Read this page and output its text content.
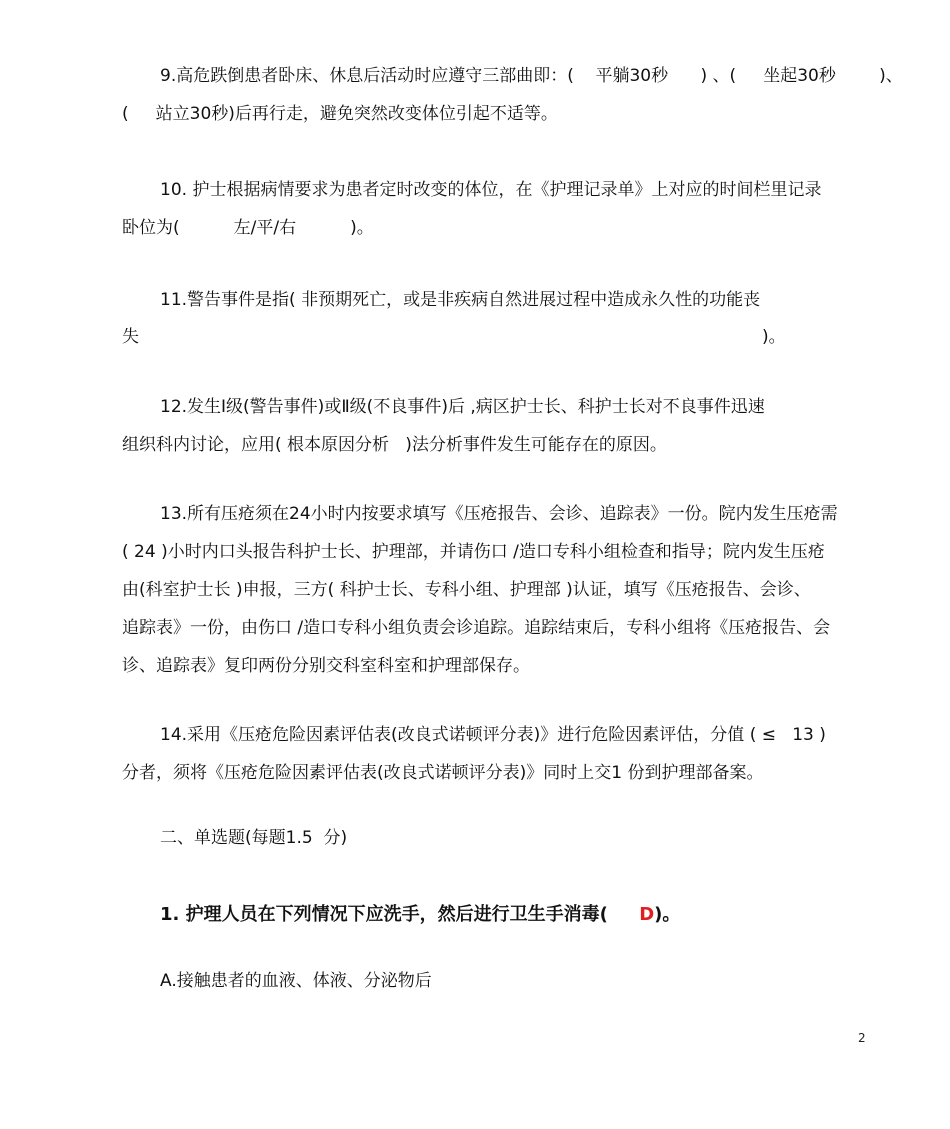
9.高危跌倒患者卧床、休息后活动时应遵守三部曲即：(    平躺30秒      ) 、(     坐起30秒        )、
(     站立30秒)后再行走，避免突然改变体位引起不适等。
10. 护士根据病情要求为患者定时改变的体位，在《护理记录单》上对应的时间栏里记录
卧位为(          左/平/右          )。
11.警告事件是指( 非预期死亡，或是非疾病自然进展过程中造成永久性的功能丧
失	)。
12.发生Ⅰ级(警告事件)或Ⅱ级(不良事件)后 ,病区护士长、科护士长对不良事件迅速
组织科内讨论，应用( 根本原因分析   )法分析事件发生可能存在的原因。
13.所有压疮须在24小时内按要求填写《压疮报告、会诊、追踪表》一份。院内发生压疮需
( 24 )小时内口头报告科护士长、护理部，并请伤口 /造口专科小组检查和指导；院内发生压疮
由(科室护士长 )申报，三方( 科护士长、专科小组、护理部 )认证，填写《压疮报告、会诊、
追踪表》一份，由伤口 /造口专科小组负责会诊追踪。追踪结束后，专科小组将《压疮报告、会
诊、追踪表》复印两份分别交科室科室和护理部保存。
14.采用《压疮危险因素评估表(改良式诺顿评分表)》进行危险因素评估，分值 ( ≤   13 )
分者，须将《压疮危险因素评估表(改良式诺顿评分表)》同时上交1 份到护理部备案。
二、单选题(每题1.5  分)
1. 护理人员在下列情况下应洗手，然后进行卫生手消毒(     D)。
A.接触患者的血液、体液、分泌物后
2
